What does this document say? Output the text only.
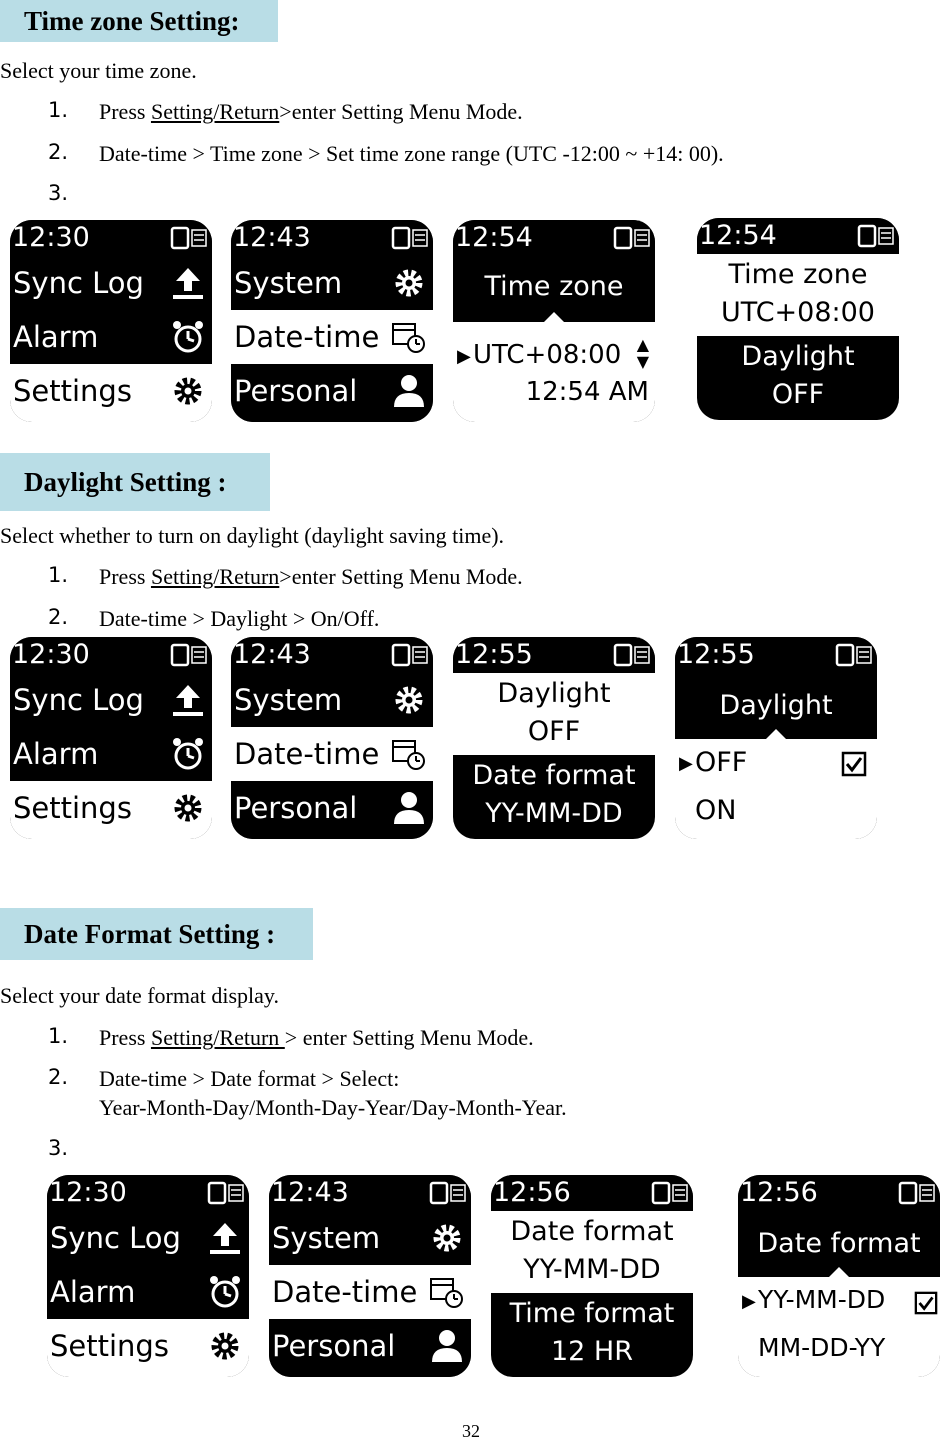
Time zone Setting:
Select your time zone.
1. Press Setting/Return>enter Setting Menu Mode.
2. Date-time > Time zone > Set time zone range (UTC -12:00 ~ +14: 00).
3.
12:30
Sync Log
Alarm
Settings
12:43
System
Date-time
Personal
12:54
Time zone
▶ UTC+08:00 ▲
▼
12:54 AM
12:54
Time zone
UTC+08:00
Daylight
OFF
Daylight Setting :
Select whether to turn on daylight (daylight saving time).
1. Press Setting/Return>enter Setting Menu Mode.
2. Date-time > Daylight > On/Off.
12:30
Sync Log
Alarm
Settings
12:43
System
Date-time
Personal
12:55
Daylight
OFF
Date format
YY-MM-DD
12:55
Daylight
▶ OFF
ON
Date Format Setting :
Select your date format display.
1. Press Setting/Return > enter Setting Menu Mode.
2. Date-time > Date format > Select:
Year-Month-Day/Month-Day-Year/Day-Month-Year.
3.
12:30
Sync Log
Alarm
Settings
12:43
System
Date-time
Personal
12:56
Date format
YY-MM-DD
Time format
12 HR
12:56
Date format
▶ YY-MM-DD
MM-DD-YY
32
